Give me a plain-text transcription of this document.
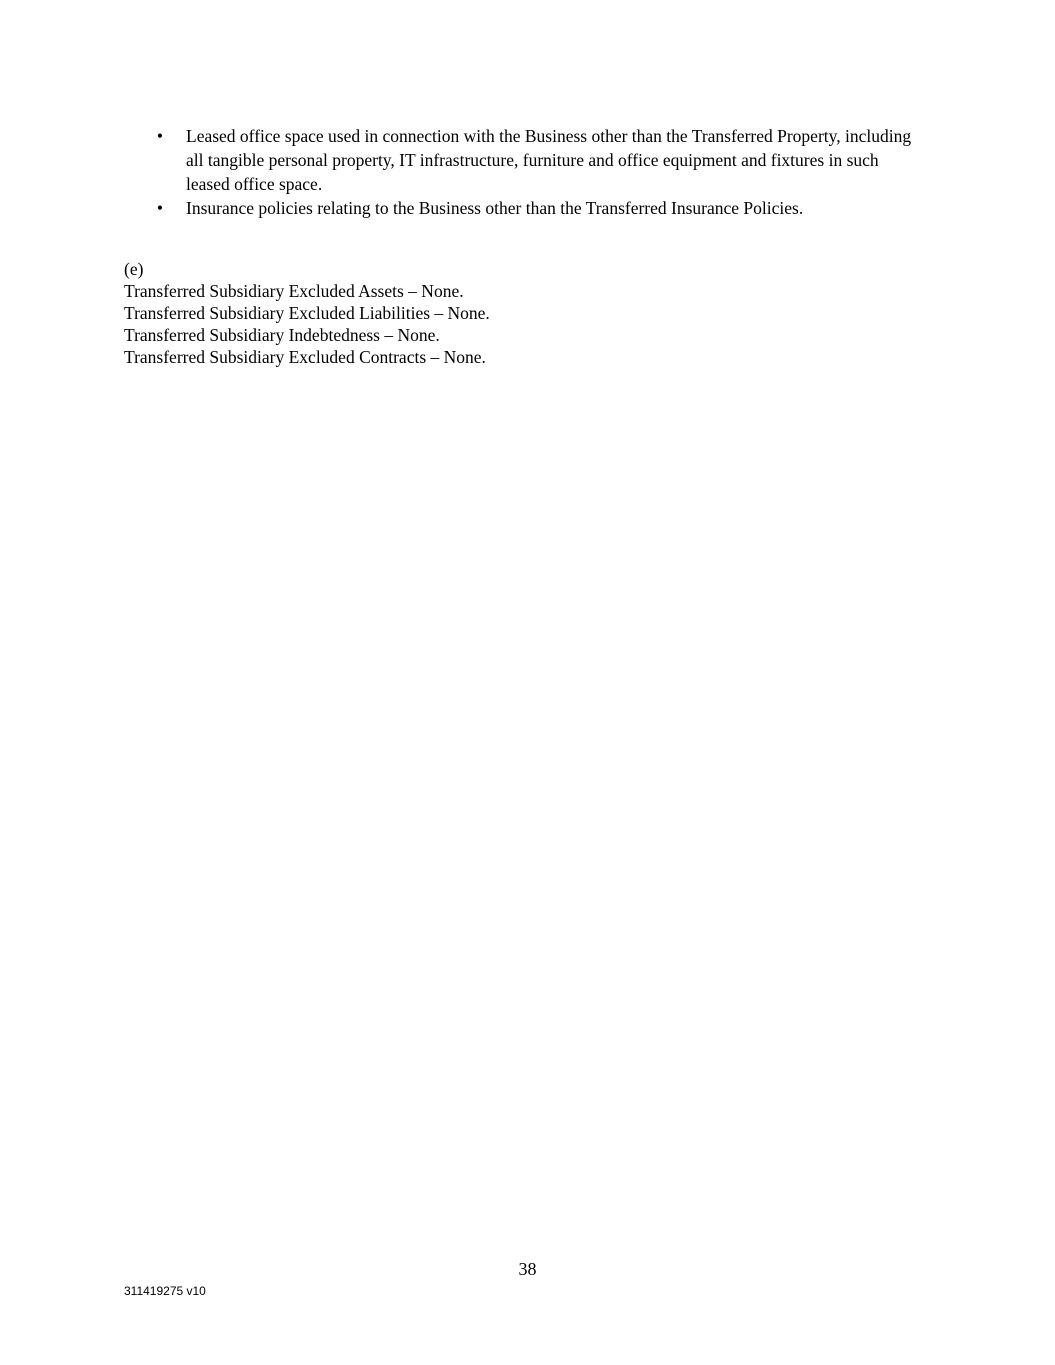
• Leased office space used in connection with the Business other than the Transferred Property, including all tangible personal property, IT infrastructure, furniture and office equipment and fixtures in such leased office space.
• Insurance policies relating to the Business other than the Transferred Insurance Policies.
(e)
Transferred Subsidiary Excluded Assets – None.
Transferred Subsidiary Excluded Liabilities – None.
Transferred Subsidiary Indebtedness – None.
Transferred Subsidiary Excluded Contracts – None.
38
311419275 v10
